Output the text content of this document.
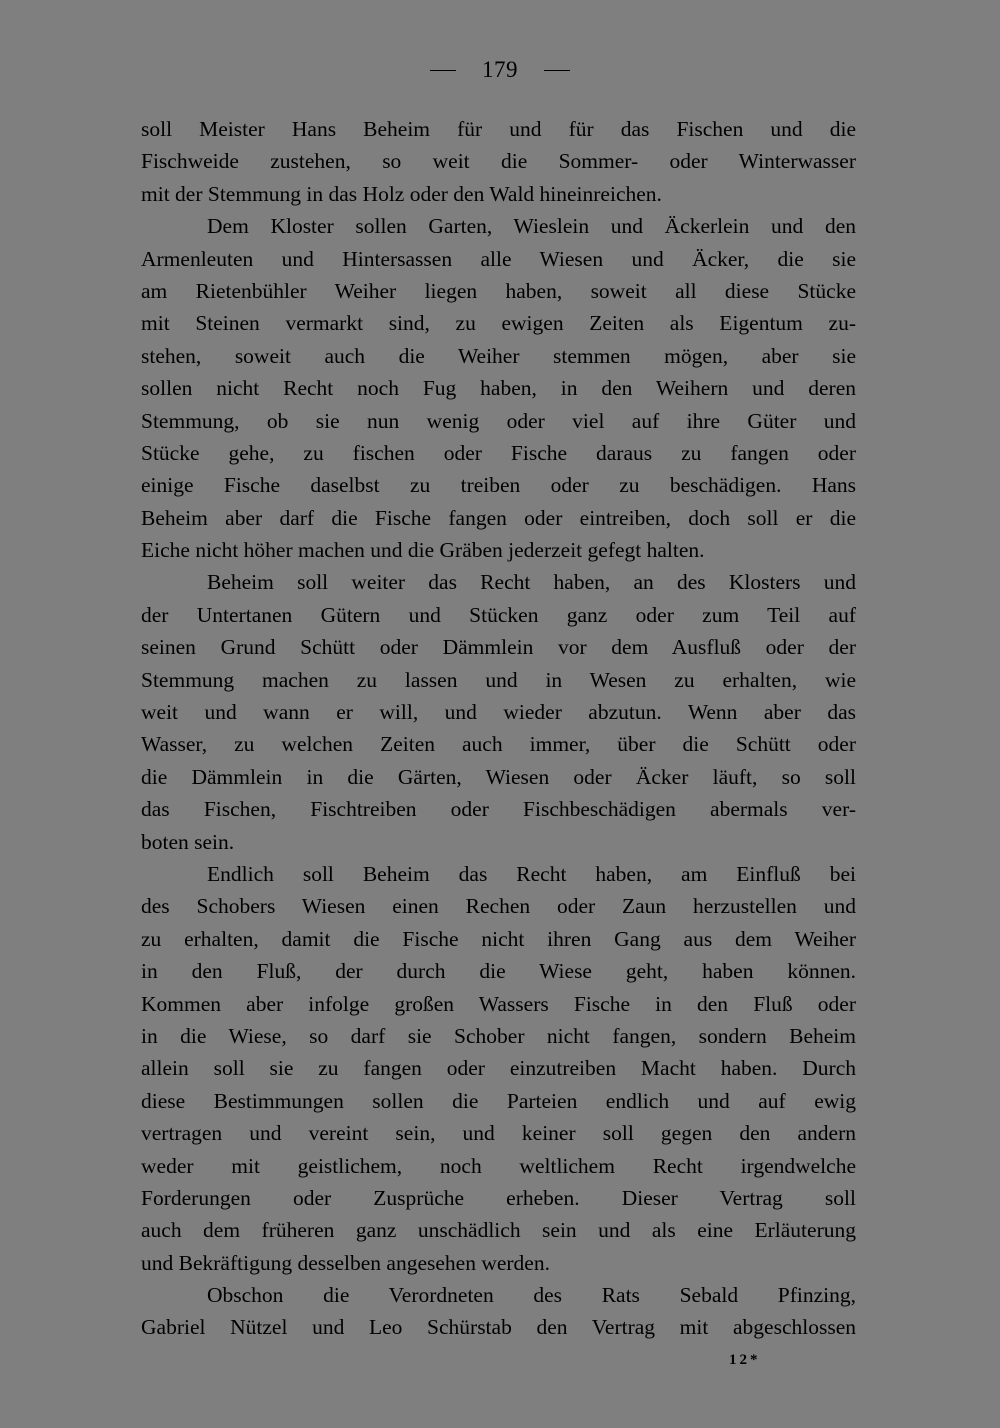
179
soll Meister Hans Beheim für und für das Fischen und die
Fischweide zustehen, so weit die Sommer- oder Winterwasser
mit der Stemmung in das Holz oder den Wald hineinreichen.
Dem Kloster sollen Garten, Wieslein und Äckerlein und den
Armenleuten und Hintersassen alle Wiesen und Äcker, die sie
am Rietenbühler Weiher liegen haben, soweit all diese Stücke
mit Steinen vermarkt sind, zu ewigen Zeiten als Eigentum zu-
stehen, soweit auch die Weiher stemmen mögen, aber sie
sollen nicht Recht noch Fug haben, in den Weihern und deren
Stemmung, ob sie nun wenig oder viel auf ihre Güter und
Stücke gehe, zu fischen oder Fische daraus zu fangen oder
einige Fische daselbst zu treiben oder zu beschädigen. Hans
Beheim aber darf die Fische fangen oder eintreiben, doch soll er die
Eiche nicht höher machen und die Gräben jederzeit gefegt halten.
Beheim soll weiter das Recht haben, an des Klosters und
der Untertanen Gütern und Stücken ganz oder zum Teil auf
seinen Grund Schütt oder Dämmlein vor dem Ausfluß oder der
Stemmung machen zu lassen und in Wesen zu erhalten, wie
weit und wann er will, und wieder abzutun. Wenn aber das
Wasser, zu welchen Zeiten auch immer, über die Schütt oder
die Dämmlein in die Gärten, Wiesen oder Äcker läuft, so soll
das Fischen, Fischtreiben oder Fischbeschädigen abermals ver-
boten sein.
Endlich soll Beheim das Recht haben, am Einfluß bei
des Schobers Wiesen einen Rechen oder Zaun herzustellen und
zu erhalten, damit die Fische nicht ihren Gang aus dem Weiher
in den Fluß, der durch die Wiese geht, haben können.
Kommen aber infolge großen Wassers Fische in den Fluß oder
in die Wiese, so darf sie Schober nicht fangen, sondern Beheim
allein soll sie zu fangen oder einzutreiben Macht haben. Durch
diese Bestimmungen sollen die Parteien endlich und auf ewig
vertragen und vereint sein, und keiner soll gegen den andern
weder mit geistlichem, noch weltlichem Recht irgendwelche
Forderungen oder Zusprüche erheben. Dieser Vertrag soll
auch dem früheren ganz unschädlich sein und als eine Erläuterung
und Bekräftigung desselben angesehen werden.
Obschon die Verordneten des Rats Sebald Pfinzing,
Gabriel Nützel und Leo Schürstab den Vertrag mit abgeschlossen
12*
